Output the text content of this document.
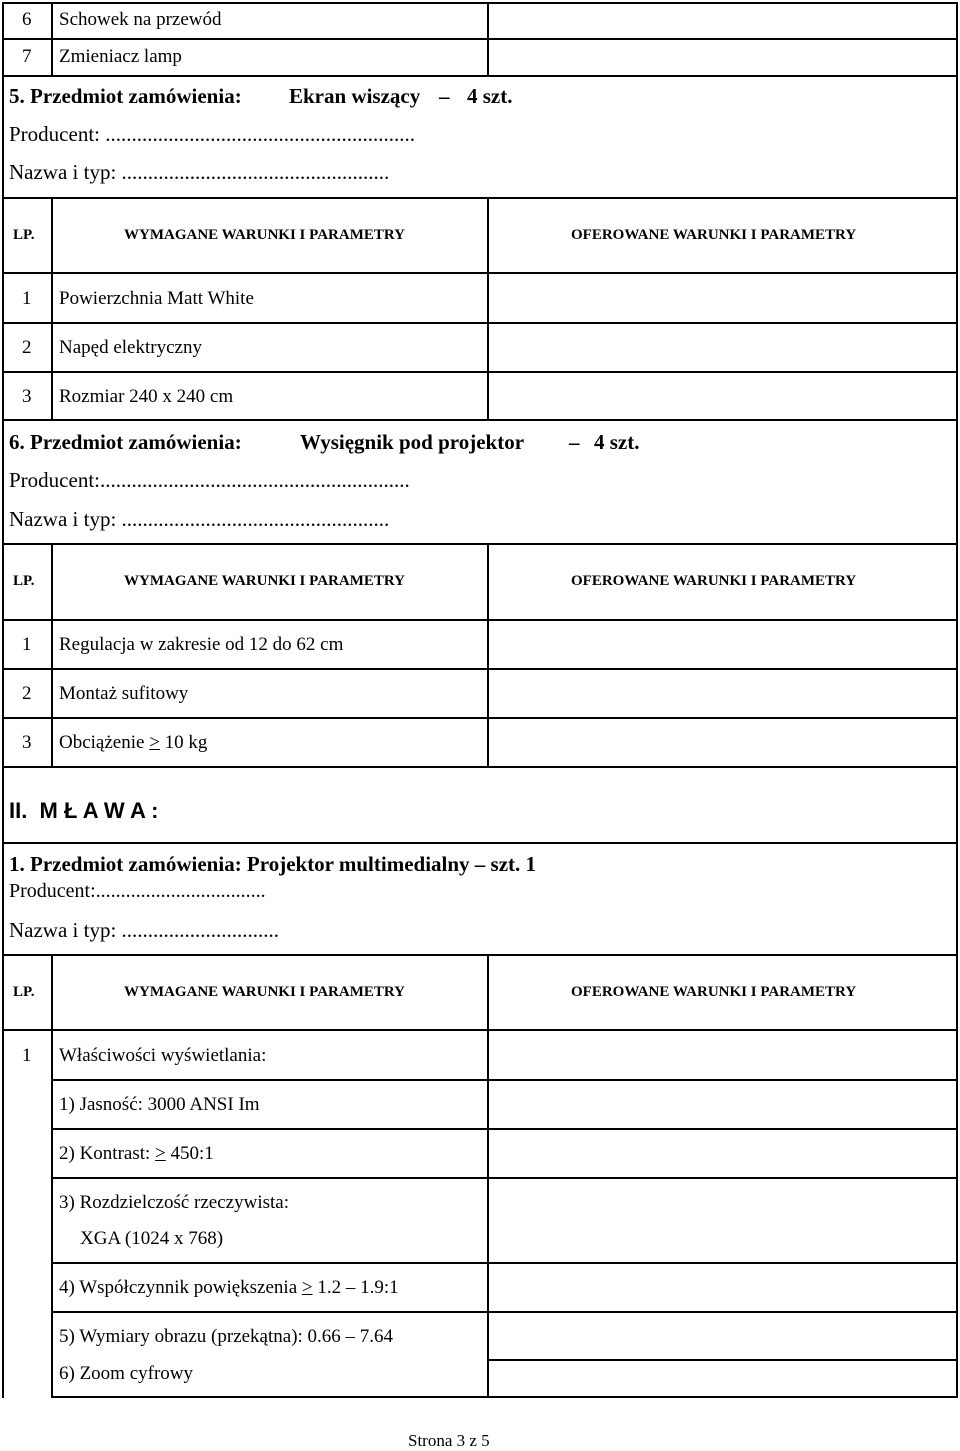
6 Schowek na przewód
7 Zmieniacz lamp
5. Przedmiot zamówienia: Ekran wiszący – 4 szt.
Producent: ...........................................................
Nazwa i typ: ...................................................
LP.	WYMAGANE WARUNKI I PARAMETRY	OFEROWANE WARUNKI I PARAMETRY
1 Powierzchnia Matt White
2 Napęd elektryczny
3 Rozmiar 240 x 240 cm
6. Przedmiot zamówienia:	Wysięgnik pod projektor – 4 szt.
Producent:...........................................................
Nazwa i typ: ...................................................
LP.	WYMAGANE WARUNKI I PARAMETRY	OFEROWANE WARUNKI I PARAMETRY
1 Regulacja w zakresie od 12 do 62 cm
2 Montaż sufitowy
3 Obciążenie ≥ 10 kg
II.  M Ł A W A :
1. Przedmiot zamówienia: Projektor multimedialny – szt. 1
Producent:..................................
Nazwa i typ: ..............................
LP.	WYMAGANE WARUNKI I PARAMETRY	OFEROWANE WARUNKI I PARAMETRY
1 Właściwości wyświetlania:
1) Jasność: 3000 ANSI Im
2) Kontrast: > 450:1
3) Rozdzielczość rzeczywista:
XGA (1024 x 768)
4) Współczynnik powiększenia ≥ 1.2 – 1.9:1
5) Wymiary obrazu (przekątna): 0.66 – 7.64
6) Zoom cyfrowy
Strona 3 z 5
